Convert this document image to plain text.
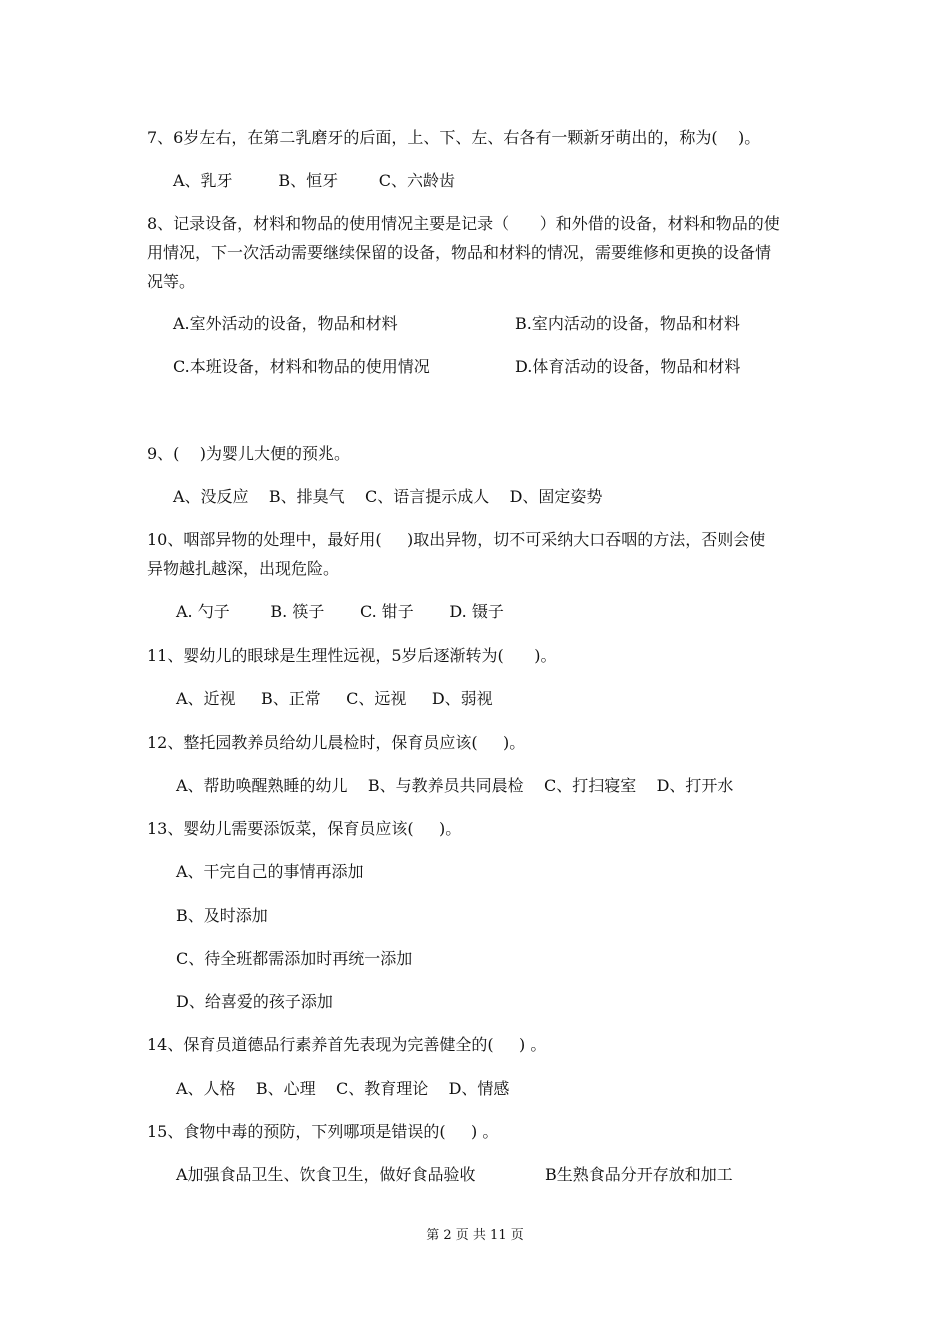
7、6岁左右，在第二乳磨牙的后面，上、下、左、右各有一颗新牙萌出的，称为(    )。
A、乳牙         B、恒牙        C、六龄齿
8、记录设备，材料和物品的使用情况主要是记录（      ）和外借的设备，材料和物品的使
用情况，下一次活动需要继续保留的设备，物品和材料的情况，需要维修和更换的设备情
况等。
A.室外活动的设备，物品和材料	B.室内活动的设备，物品和材料
C.本班设备，材料和物品的使用情况	D.体育活动的设备，物品和材料
9、(    )为婴儿大便的预兆。
A、没反应    B、排臭气    C、语言提示成人    D、固定姿势
10、咽部异物的处理中，最好用(     )取出异物，切不可采纳大口吞咽的方法，否则会使
异物越扎越深，出现危险。
A. 勺子        B. 筷子       C. 钳子       D. 镊子
11、婴幼儿的眼球是生理性远视，5岁后逐渐转为(      )。
A、近视     B、正常     C、远视     D、弱视
12、整托园教养员给幼儿晨检时，保育员应该(     )。
A、帮助唤醒熟睡的幼儿    B、与教养员共同晨检    C、打扫寝室    D、打开水
13、婴幼儿需要添饭菜，保育员应该(     )。
A、干完自己的事情再添加
B、及时添加
C、待全班都需添加时再统一添加
D、给喜爱的孩子添加
14、保育员道德品行素养首先表现为完善健全的(     ) 。
A、人格    B、心理    C、教育理论    D、情感
15、食物中毒的预防，下列哪项是错误的(     ) 。
A加强食品卫生、饮食卫生，做好食品验收	B生熟食品分开存放和加工
第 2 页 共 11 页
